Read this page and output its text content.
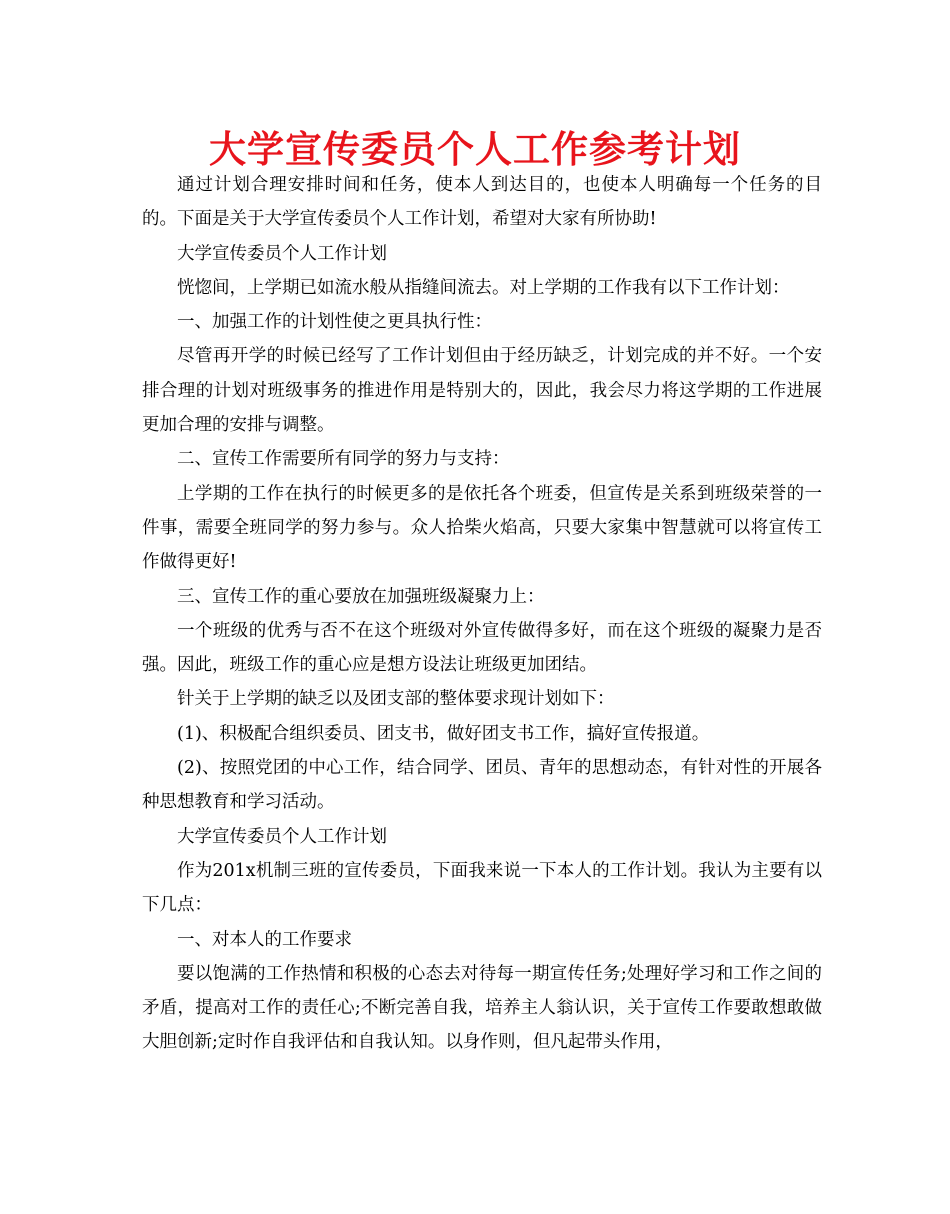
大学宣传委员个人工作参考计划

通过计划合理安排时间和任务，使本人到达目的，也使本人明确每一个任务的目的。下面是关于大学宣传委员个人工作计划，希望对大家有所协助!

大学宣传委员个人工作计划

恍惚间，上学期已如流水般从指缝间流去。对上学期的工作我有以下工作计划：

一、加强工作的计划性使之更具执行性：

尽管再开学的时候已经写了工作计划但由于经历缺乏，计划完成的并不好。一个安排合理的计划对班级事务的推进作用是特别大的，因此，我会尽力将这学期的工作进展更加合理的安排与调整。

二、宣传工作需要所有同学的努力与支持：

上学期的工作在执行的时候更多的是依托各个班委，但宣传是关系到班级荣誉的一件事，需要全班同学的努力参与。众人拾柴火焰高，只要大家集中智慧就可以将宣传工作做得更好!

三、宣传工作的重心要放在加强班级凝聚力上：

一个班级的优秀与否不在这个班级对外宣传做得多好，而在这个班级的凝聚力是否强。因此，班级工作的重心应是想方设法让班级更加团结。

针关于上学期的缺乏以及团支部的整体要求现计划如下：

(1)、积极配合组织委员、团支书，做好团支书工作，搞好宣传报道。

(2)、按照党团的中心工作，结合同学、团员、青年的思想动态，有针对性的开展各种思想教育和学习活动。

大学宣传委员个人工作计划

作为201x机制三班的宣传委员，下面我来说一下本人的工作计划。我认为主要有以下几点：

一、对本人的工作要求

要以饱满的工作热情和积极的心态去对待每一期宣传任务;处理好学习和工作之间的矛盾，提高对工作的责任心;不断完善自我，培养主人翁认识，关于宣传工作要敢想敢做大胆创新;定时作自我评估和自我认知。以身作则，但凡起带头作用，
